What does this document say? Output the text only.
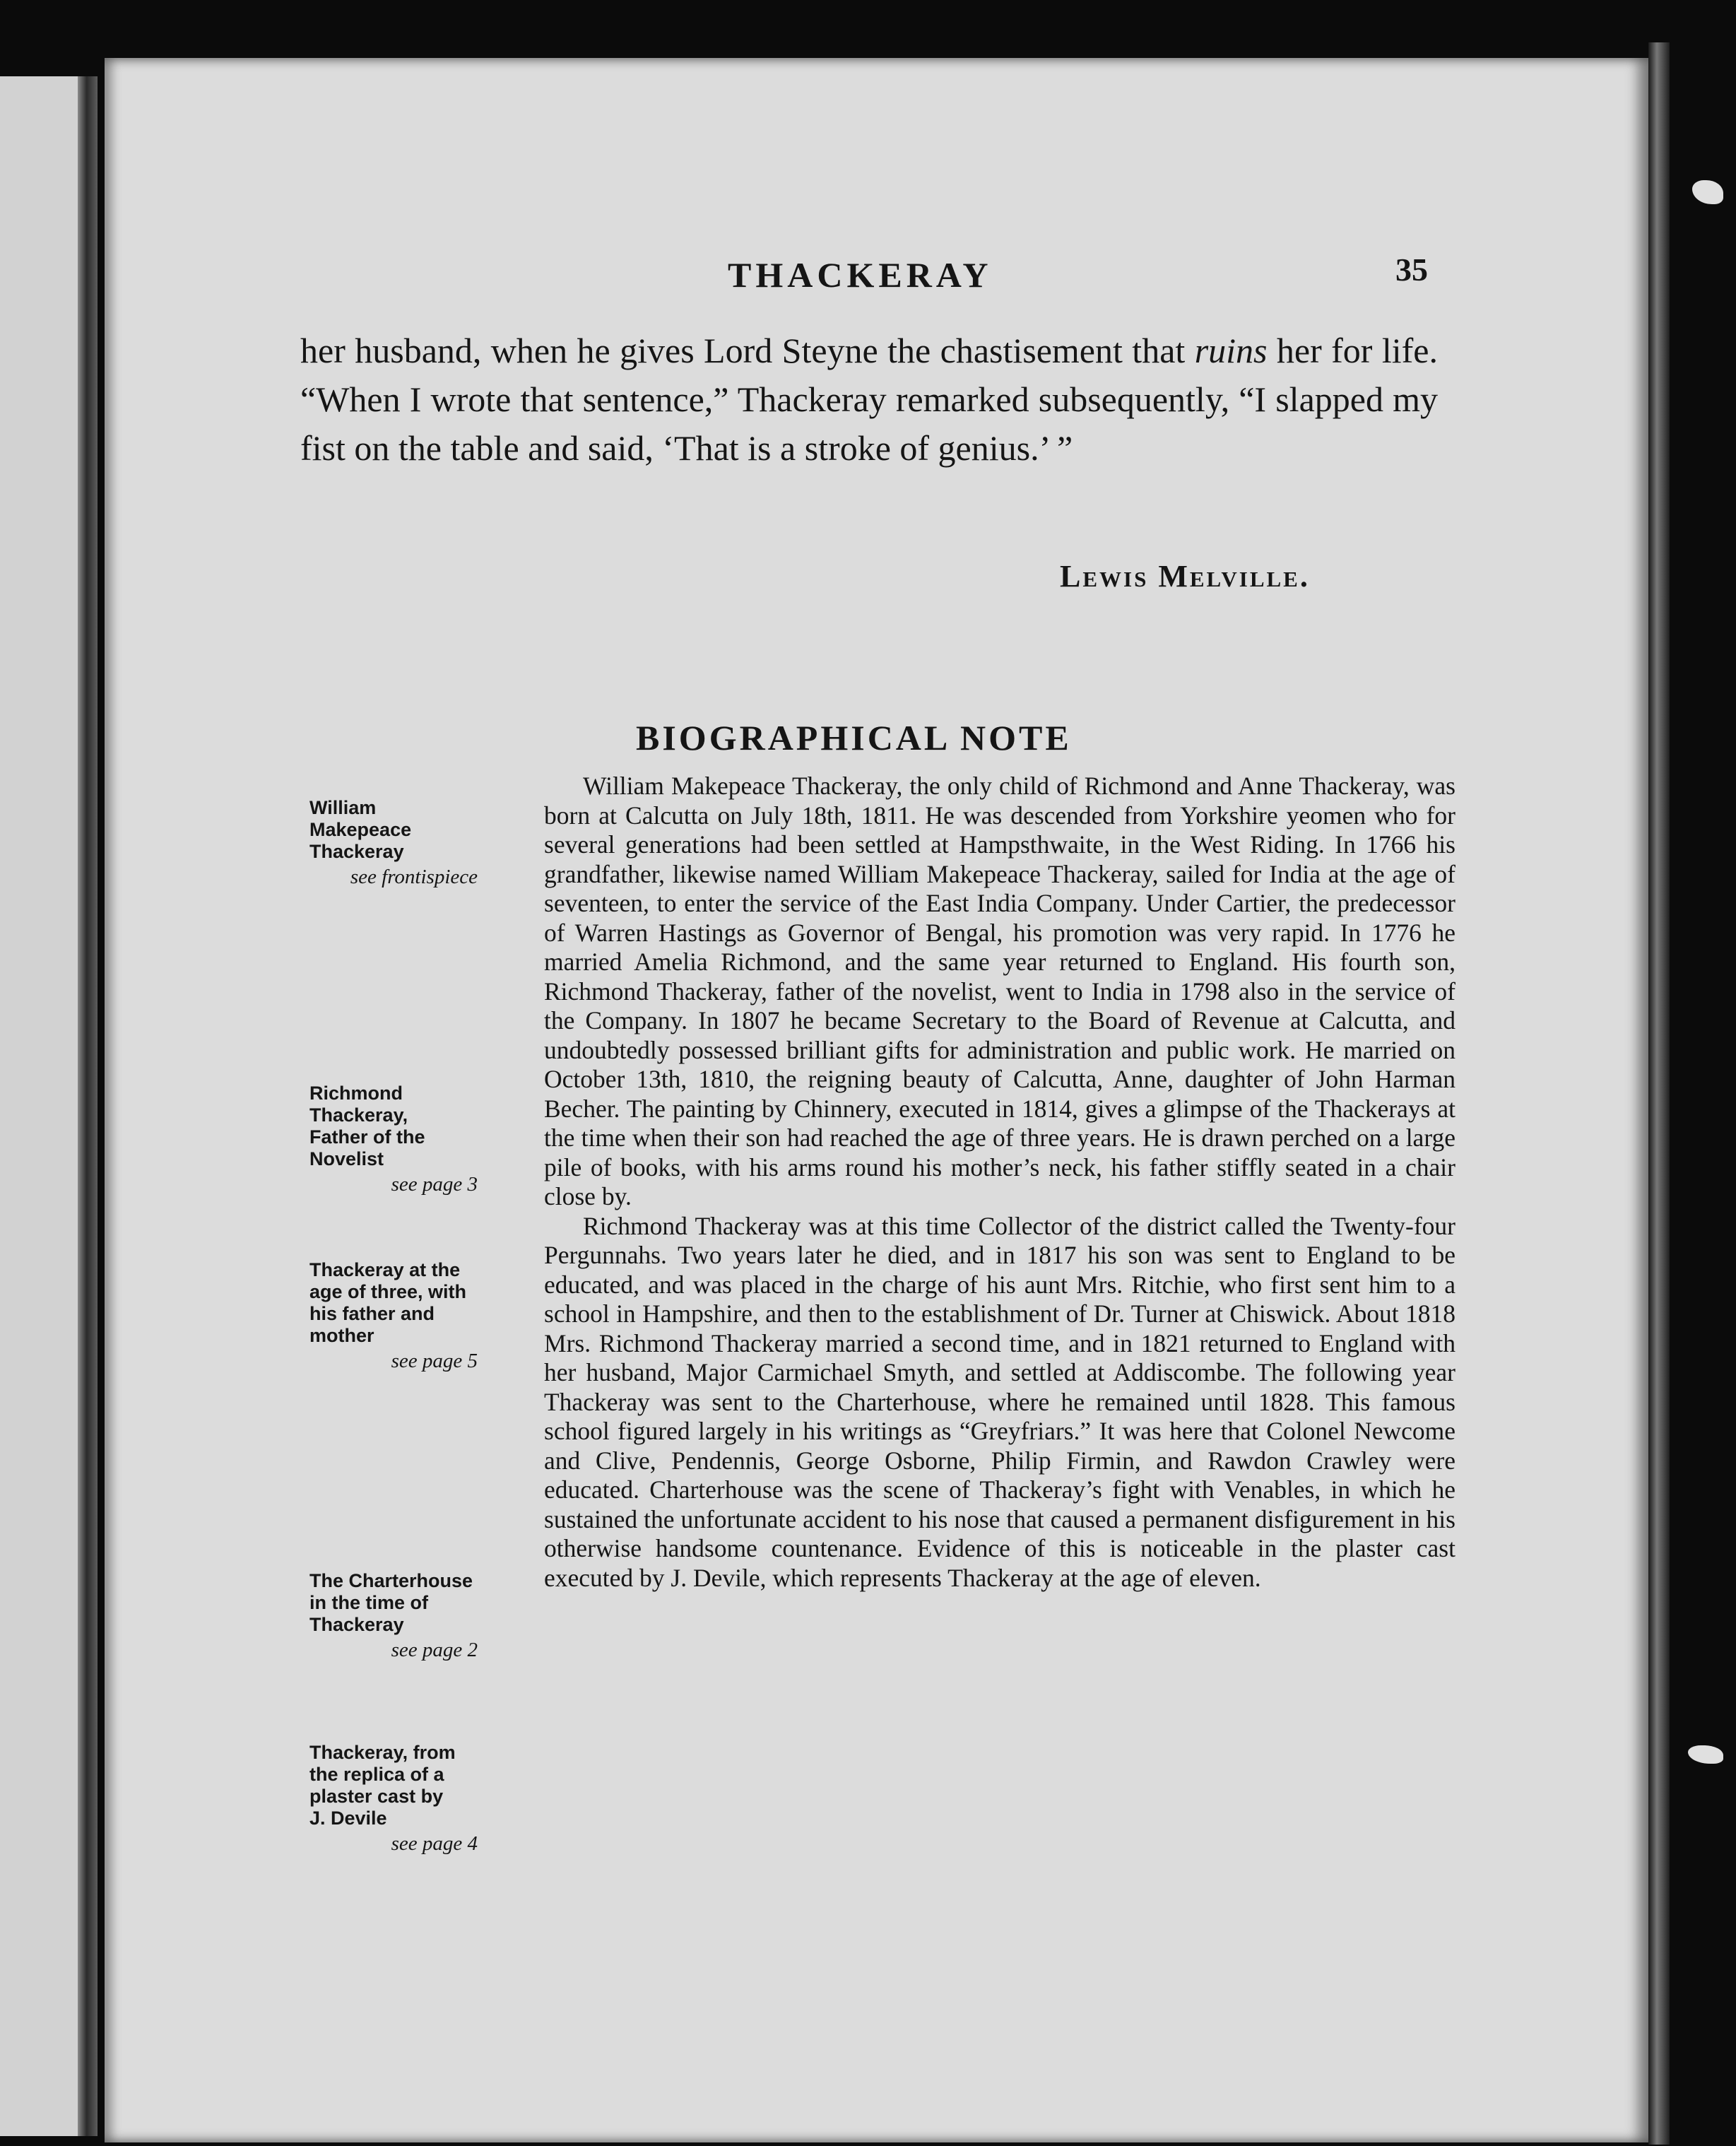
THACKERAY	35
her husband, when he gives Lord Steyne the chastisement that ruins her for life. “When I wrote that sentence,” Thackeray remarked subsequently, “I slapped my fist on the table and said, ‘That is a stroke of genius.’ ”
Lewis Melville.
BIOGRAPHICAL NOTE

William Makepeace Thackeray, the only child of Richmond and Anne Thackeray, was born at Calcutta on July 18th, 1811. He was descended from Yorkshire yeomen who for several generations had been settled at Hampsthwaite, in the West Riding. In 1766 his grandfather, likewise named William Makepeace Thackeray, sailed for India at the age of seventeen, to enter the service of the East India Company. Under Cartier, the predecessor of Warren Hastings as Governor of Bengal, his promotion was very rapid. In 1776 he married Amelia Richmond, and the same year returned to England. His fourth son, Richmond Thackeray, father of the novelist, went to India in 1798 also in the service of the Company. In 1807 he became Secretary to the Board of Revenue at Calcutta, and undoubtedly possessed brilliant gifts for administration and public work. He married on October 13th, 1810, the reigning beauty of Calcutta, Anne, daughter of John Harman Becher. The painting by Chinnery, executed in 1814, gives a glimpse of the Thackerays at the time when their son had reached the age of three years. He is drawn perched on a large pile of books, with his arms round his mother’s neck, his father stiffly seated in a chair close by.

Richmond Thackeray was at this time Collector of the district called the Twenty-four Pergunnahs. Two years later he died, and in 1817 his son was sent to England to be educated, and was placed in the charge of his aunt Mrs. Ritchie, who first sent him to a school in Hampshire, and then to the establishment of Dr. Turner at Chiswick. About 1818 Mrs. Richmond Thackeray married a second time, and in 1821 returned to England with her husband, Major Carmichael Smyth, and settled at Addiscombe. The following year Thackeray was sent to the Charterhouse, where he remained until 1828. This famous school figured largely in his writings as “Greyfriars.” It was here that Colonel Newcome and Clive, Pendennis, George Osborne, Philip Firmin, and Rawdon Crawley were educated. Charterhouse was the scene of Thackeray’s fight with Venables, in which he sustained the unfortunate accident to his nose that caused a permanent disfigurement in his otherwise handsome countenance. Evidence of this is noticeable in the plaster cast executed by J. Devile, which represents Thackeray at the age of eleven.

William
Makepeace
Thackeray
see frontispiece
Richmond
Thackeray,
Father of the
Novelist
see page 3
Thackeray at the
age of three, with
his father and
mother
see page 5
The Charterhouse
in the time of
Thackeray
see page 2
Thackeray, from
the replica of a
plaster cast by
J. Devile
see page 4
